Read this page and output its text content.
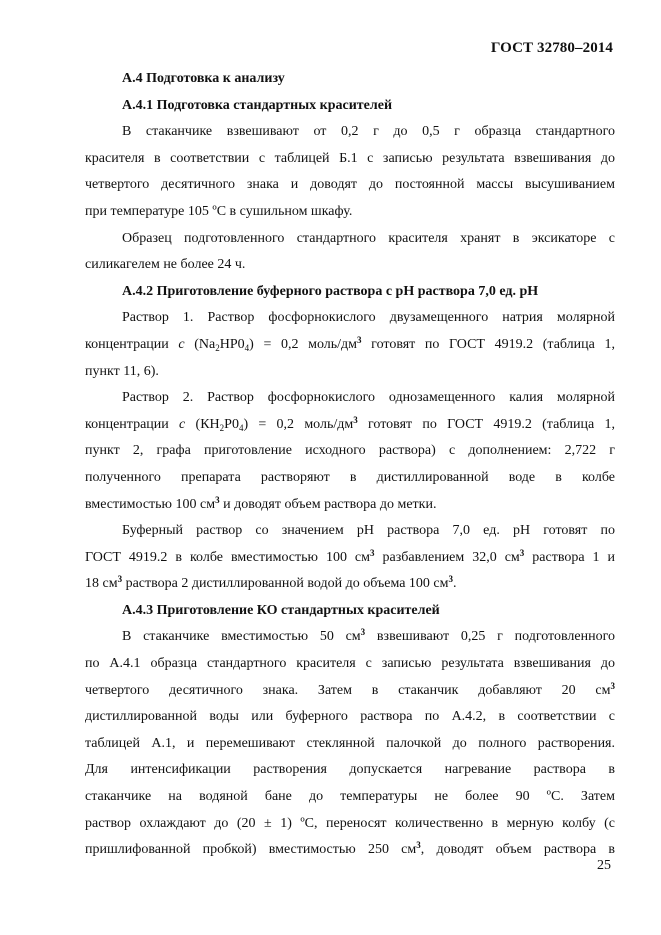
ГОСТ 32780–2014
А.4 Подготовка к анализу
А.4.1 Подготовка стандартных красителей
В стаканчике взвешивают от 0,2 г до 0,5 г образца стандартного
красителя в соответствии с таблицей Б.1 с записью результата взвешивания до
четвертого десятичного знака и доводят до постоянной массы высушиванием
при температуре 105 ºС в сушильном шкафу.
Образец подготовленного стандартного красителя хранят в эксикаторе с
силикагелем не более 24 ч.
А.4.2 Приготовление буферного раствора с рН раствора 7,0 ед. рН
Раствор 1. Раствор фосфорнокислого двузамещенного натрия молярной
концентрации с $(Na_2НР0_4) = 0,2$ моль/$дм^3$ готовят по ГОСТ 4919.2 (таблица 1,
пункт 11, 6).
Раствор 2. Раствор фосфорнокислого однозамещенного калия молярной
концентрации с $(КН_2Р0_4) = 0,2$ моль/$дм^3$ готовят по ГОСТ 4919.2 (таблица 1,
пункт 2, графа приготовление исходного раствора) с дополнением: 2,722 г
полученного препарата растворяют в дистиллированной воде в колбе
вместимостью 100 $см^3$ и доводят объем раствора до метки.
Буферный раствор со значением рН раствора 7,0 ед. рН готовят по
ГОСТ 4919.2 в колбе вместимостью 100 $см^3$ разбавлением 32,0 $см^3$ раствора 1 и
18 $см^3$ раствора 2 дистиллированной водой до объема 100 $см^3$.
А.4.3 Приготовление КО стандартных красителей
В стаканчике вместимостью 50 $см^3$ взвешивают 0,25 г подготовленного
по А.4.1 образца стандартного красителя с записью результата взвешивания до
четвертого десятичного знака. Затем в стаканчик добавляют 20 $см^3$
дистиллированной воды или буферного раствора по А.4.2, в соответствии с
таблицей А.1, и перемешивают стеклянной палочкой до полного растворения.
Для интенсификации растворения допускается нагревание раствора в
стаканчике на водяной бане до температуры не более 90 ºС. Затем
раствор охлаждают до (20 ± 1) ºС, переносят количественно в мерную колбу (с
пришлифованной пробкой) вместимостью 250 $см^3$, доводят объем раствора в
25
